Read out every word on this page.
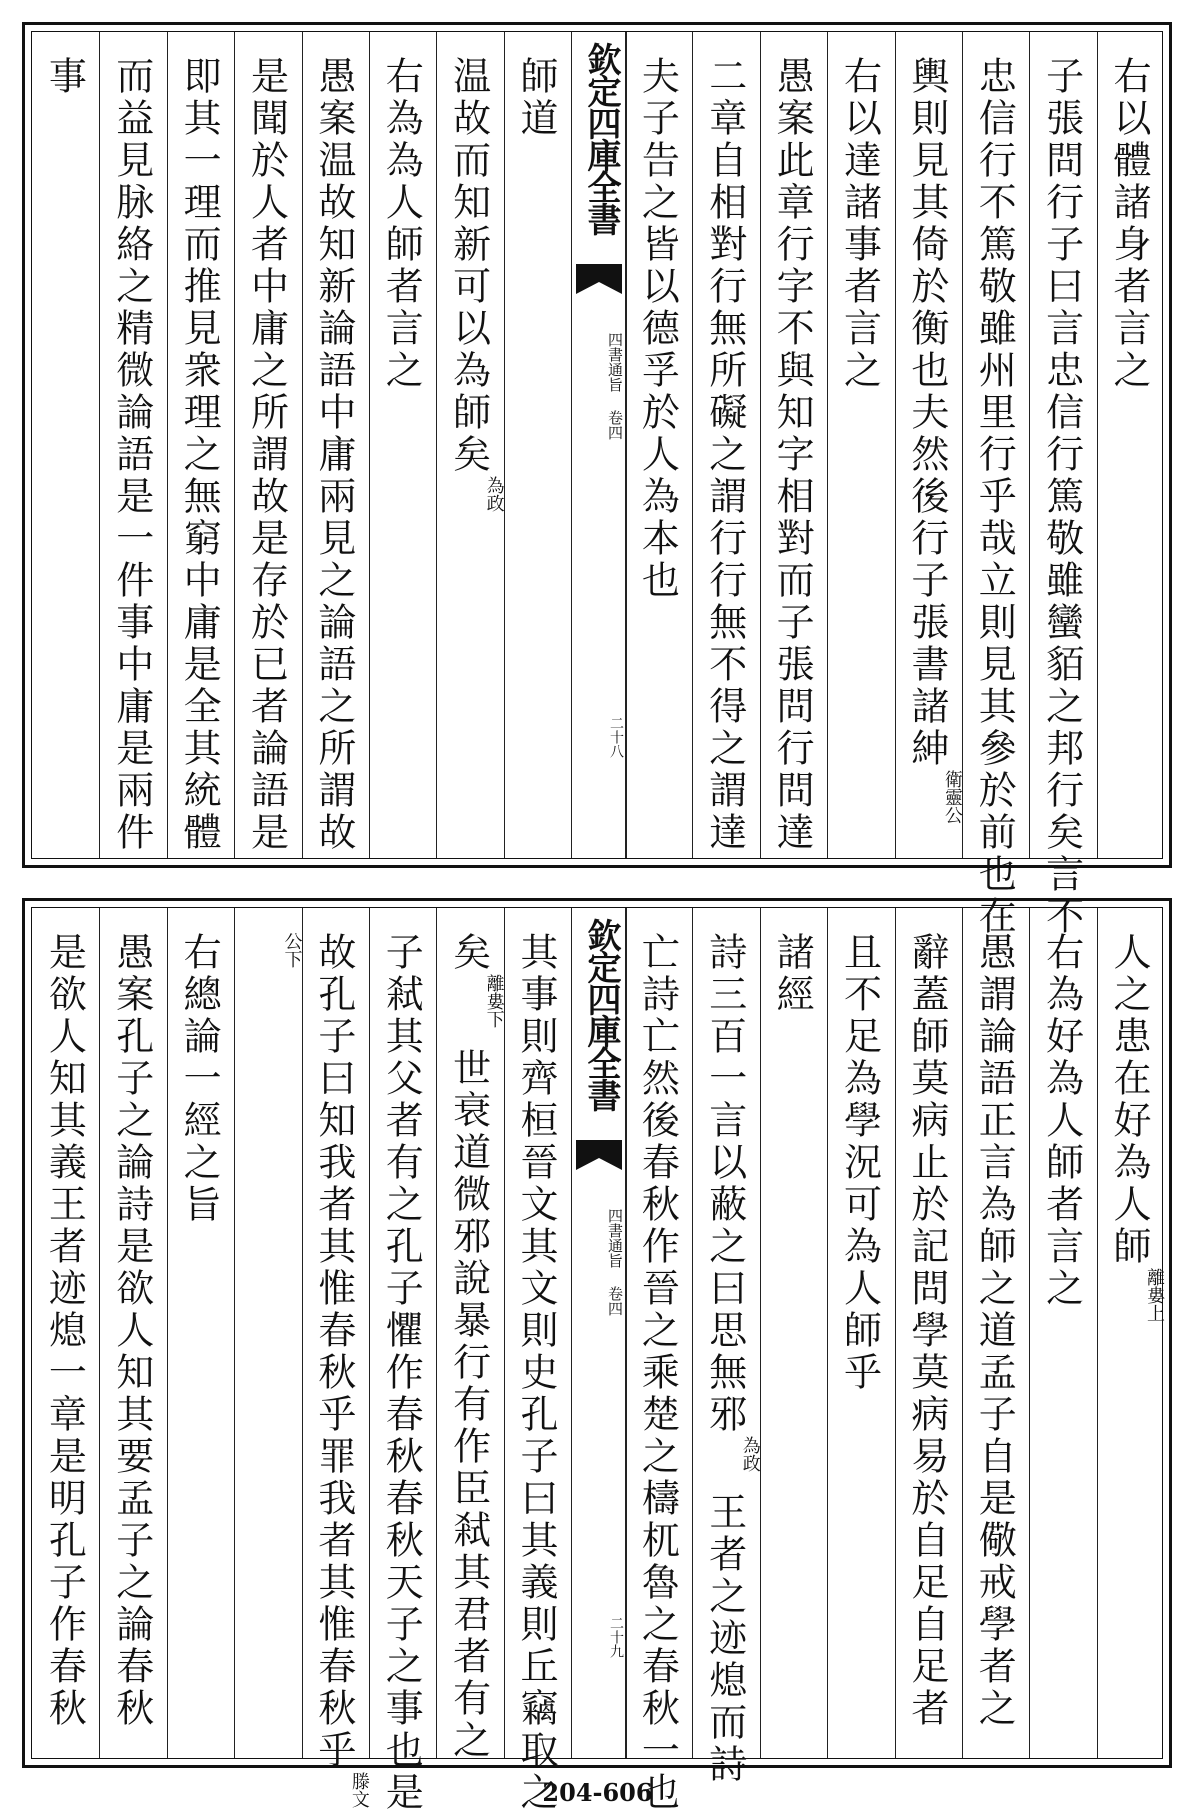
右以體諸身者言之
子張問行子曰言忠信行篤敬雖蠻貊之邦行矣言不
忠信行不篤敬雖州里行乎哉立則見其參於前也在
輿則見其倚於衡也夫然後行子張書諸紳
衛靈公
右以達諸事者言之
愚案此章行字不與知字相對而子張問行問達
二章自相對行無所礙之謂行行無不得之謂達
夫子告之皆以德孚於人為本也
欽定四庫全書
四書通旨 卷四
二十八
師道
温故而知新可以為師矣
為政
右為為人師者言之
愚案温故知新論語中庸兩見之論語之所謂故
是聞於人者中庸之所謂故是存於已者論語是
即其一理而推見衆理之無窮中庸是全其統體
而益見脉絡之精微論語是一件事中庸是兩件
事
人之患在好為人師
離婁上
右為好為人師者言之
愚謂論語正言為師之道孟子自是儆戒學者之
辭蓋師莫病止於記問學莫病易於自足自足者
且不足為學況可為人師乎
諸經
詩三百一言以蔽之曰思無邪
為政
王者之迹熄而詩
亡詩亡然後春秋作晉之乘楚之檮杌魯之春秋一也
欽定四庫全書
四書通旨 卷四
二十九
其事則齊桓晉文其文則史孔子曰其義則丘竊取之
矣
離婁下
世衰道微邪說暴行有作臣弒其君者有之
子弒其父者有之孔子懼作春秋春秋天子之事也是
故孔子曰知我者其惟春秋乎罪我者其惟春秋乎
滕文
公下
右總論一經之旨
愚案孔子之論詩是欲人知其要孟子之論春秋
是欲人知其義王者迹熄一章是明孔子作春秋
204-606
